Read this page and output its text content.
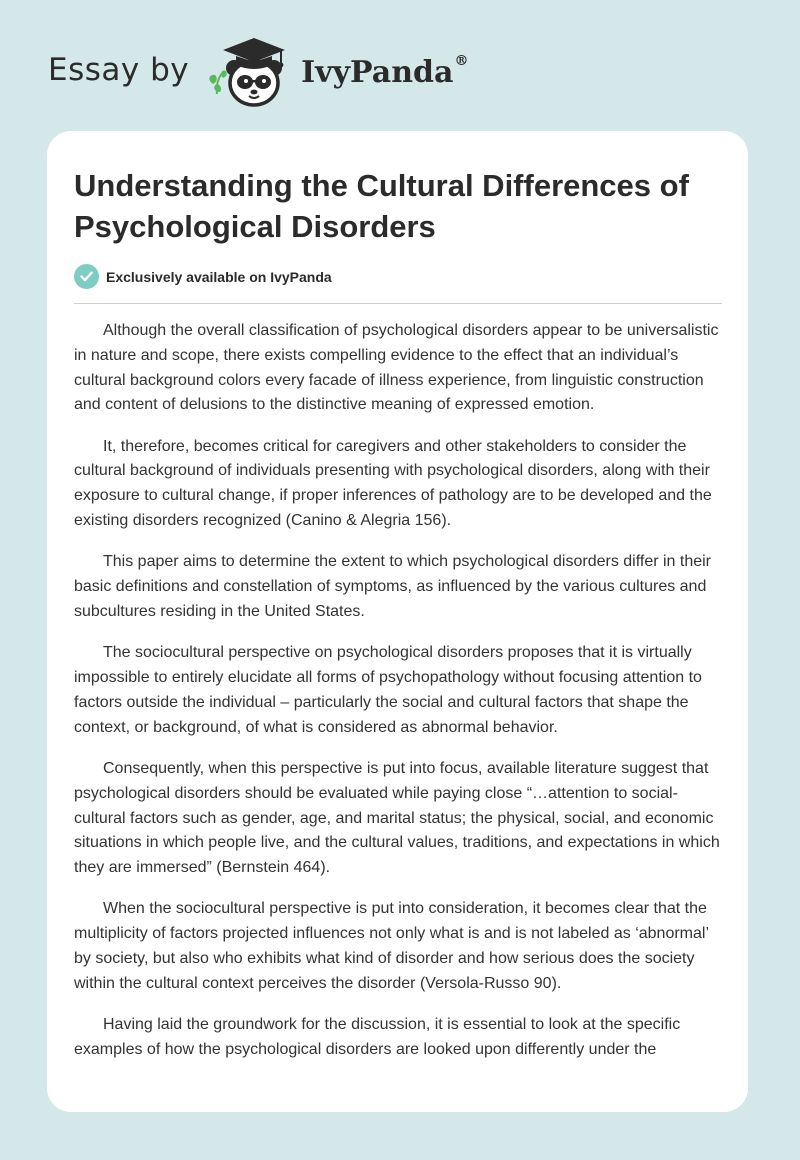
Essay by	IvyPanda®
Understanding the Cultural Differences of Psychological Disorders
Exclusively available on IvyPanda

Although the overall classification of psychological disorders appear to be universalistic in nature and scope, there exists compelling evidence to the effect that an individual’s cultural background colors every facade of illness experience, from linguistic construction and content of delusions to the distinctive meaning of expressed emotion.

It, therefore, becomes critical for caregivers and other stakeholders to consider the cultural background of individuals presenting with psychological disorders, along with their exposure to cultural change, if proper inferences of pathology are to be developed and the existing disorders recognized (Canino & Alegria 156).

This paper aims to determine the extent to which psychological disorders differ in their basic definitions and constellation of symptoms, as influenced by the various cultures and subcultures residing in the United States.

The sociocultural perspective on psychological disorders proposes that it is virtually impossible to entirely elucidate all forms of psychopathology without focusing attention to factors outside the individual – particularly the social and cultural factors that shape the context, or background, of what is considered as abnormal behavior.

Consequently, when this perspective is put into focus, available literature suggest that psychological disorders should be evaluated while paying close “…attention to social-cultural factors such as gender, age, and marital status; the physical, social, and economic situations in which people live, and the cultural values, traditions, and expectations in which they are immersed” (Bernstein 464).

When the sociocultural perspective is put into consideration, it becomes clear that the multiplicity of factors projected influences not only what is and is not labeled as ‘abnormal’ by society, but also who exhibits what kind of disorder and how serious does the society within the cultural context perceives the disorder (Versola-Russo 90).

Having laid the groundwork for the discussion, it is essential to look at the specific examples of how the psychological disorders are looked upon differently under the
